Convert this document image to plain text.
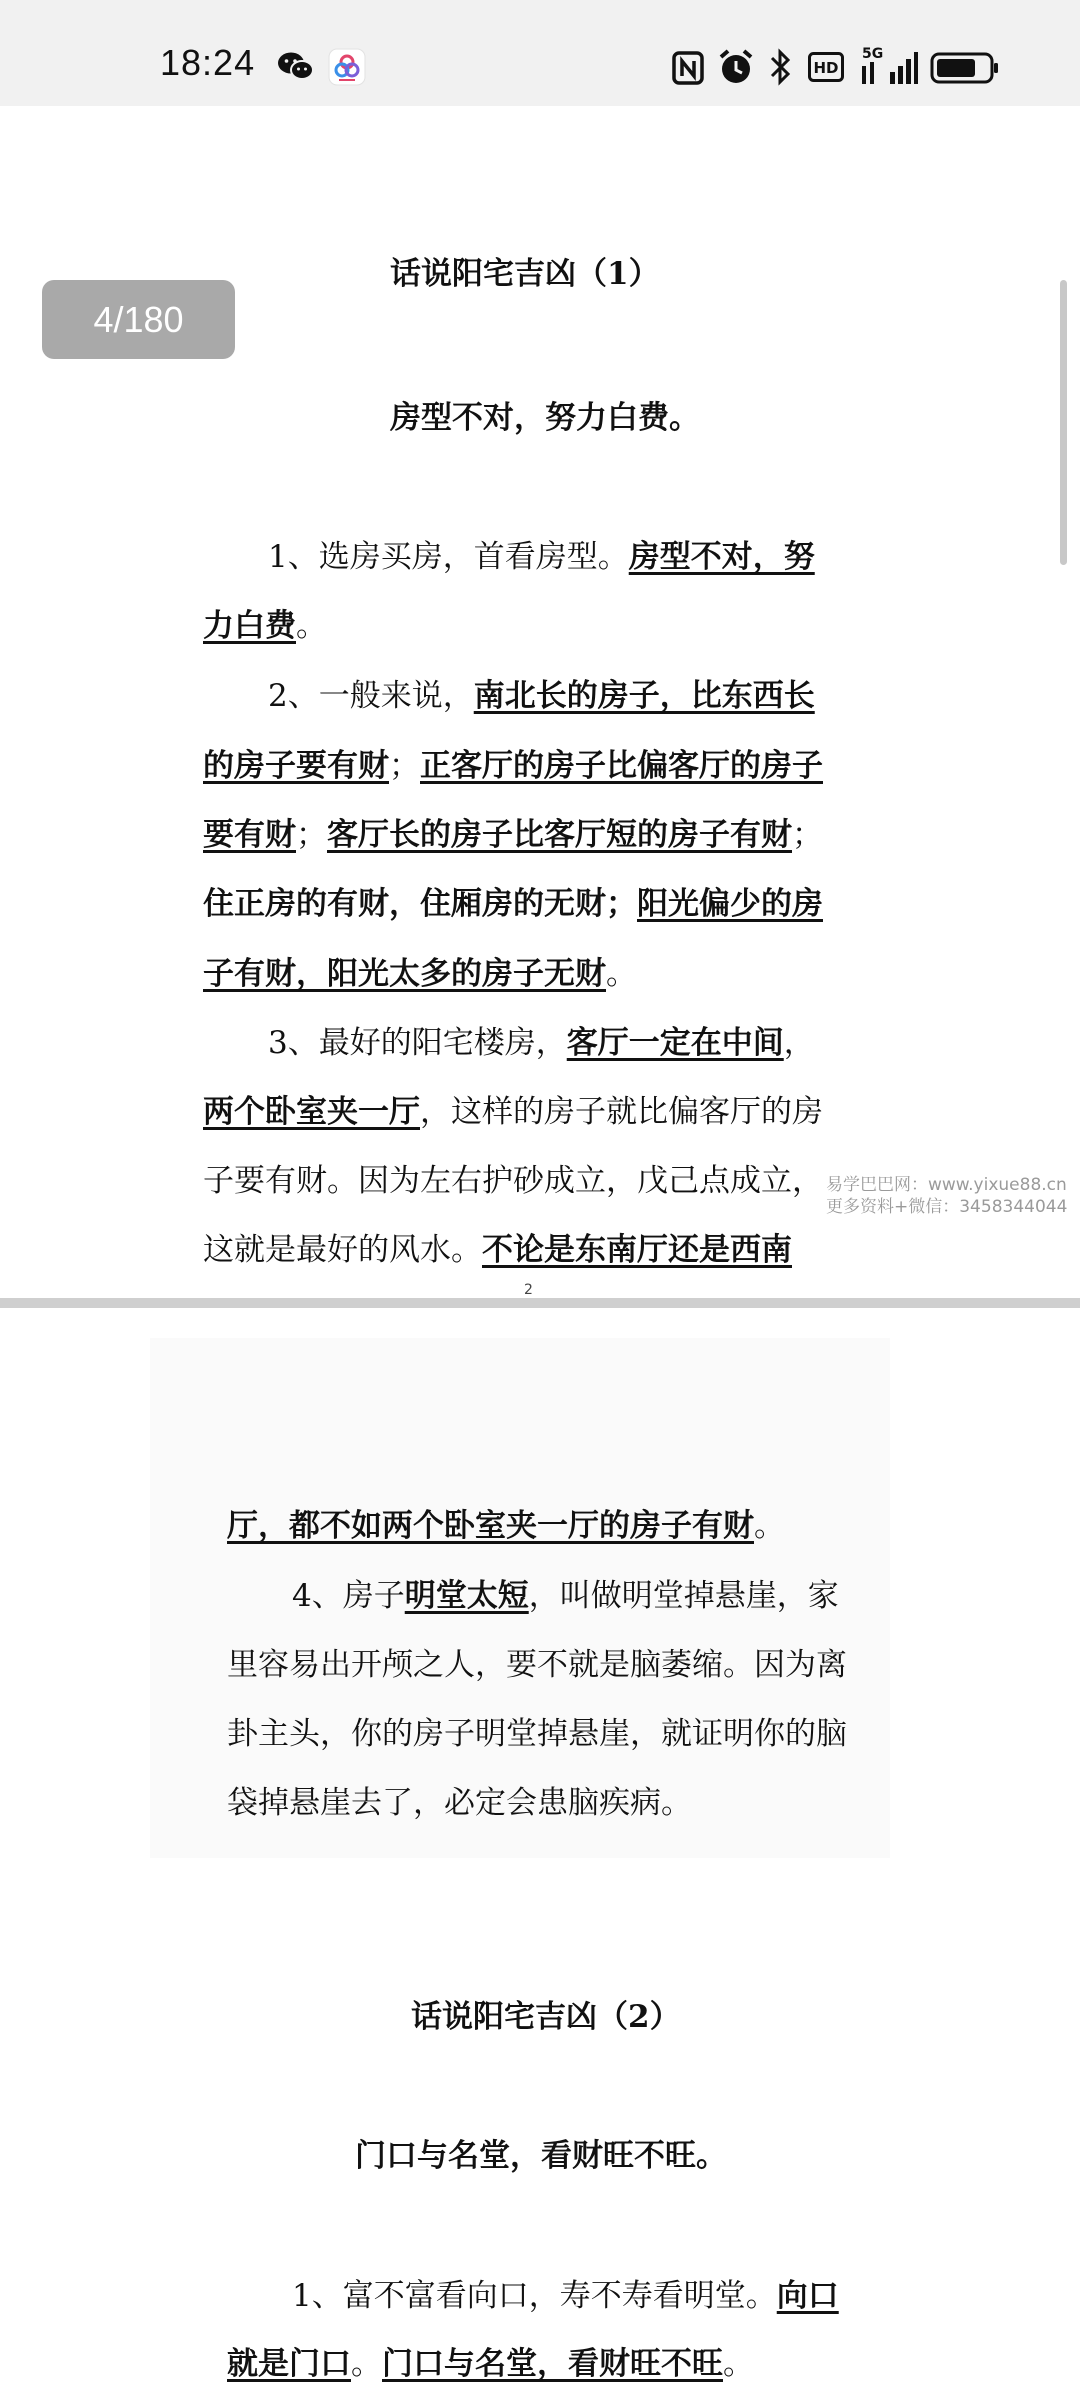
18:24	HD
5G
话说阳宅吉凶（1）
房型不对，努力白费。
1、选房买房，首看房型。房型不对，努
力白费。
2、一般来说，南北长的房子，比东西长
的房子要有财；正客厅的房子比偏客厅的房子
要有财；客厅长的房子比客厅短的房子有财；
住正房的有财，住厢房的无财；阳光偏少的房
子有财，阳光太多的房子无财。
3、最好的阳宅楼房，客厅一定在中间，
两个卧室夹一厅，这样的房子就比偏客厅的房
子要有财。因为左右护砂成立，戊己点成立，
这就是最好的风水。不论是东南厅还是西南
2
易学巴巴网：www.yixue88.cn
更多资料+微信：3458344044
4/180
厅，都不如两个卧室夹一厅的房子有财。
4、房子明堂太短，叫做明堂掉悬崖，家
里容易出开颅之人，要不就是脑萎缩。因为离
卦主头，你的房子明堂掉悬崖，就证明你的脑
袋掉悬崖去了，必定会患脑疾病。
话说阳宅吉凶（2）
门口与名堂，看财旺不旺。
1、富不富看向口，寿不寿看明堂。向口
就是门口。门口与名堂，看财旺不旺。
